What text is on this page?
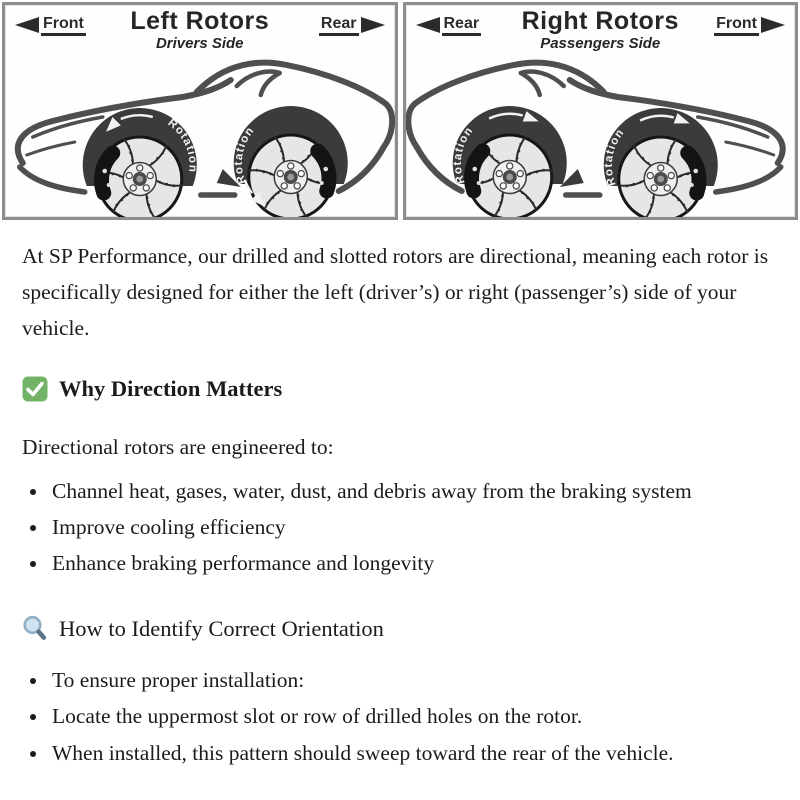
Rotation
Rotation
Front	Left Rotors
Drivers Side
Rear
Rotation
Rotation
Rear	Right Rotors
Passengers Side
Front

At SP Performance, our drilled and slotted rotors are directional, meaning each rotor is specifically designed for either the left (driver’s) or right (passenger’s) side of your vehicle.

Why Direction Matters

Directional rotors are engineered to:

• Channel heat, gases, water, dust, and debris away from the braking system
• Improve cooling efficiency
• Enhance braking performance and longevity
How to Identify Correct Orientation
• To ensure proper installation:
• Locate the uppermost slot or row of drilled holes on the rotor.
• When installed, this pattern should sweep toward the rear of the vehicle.
